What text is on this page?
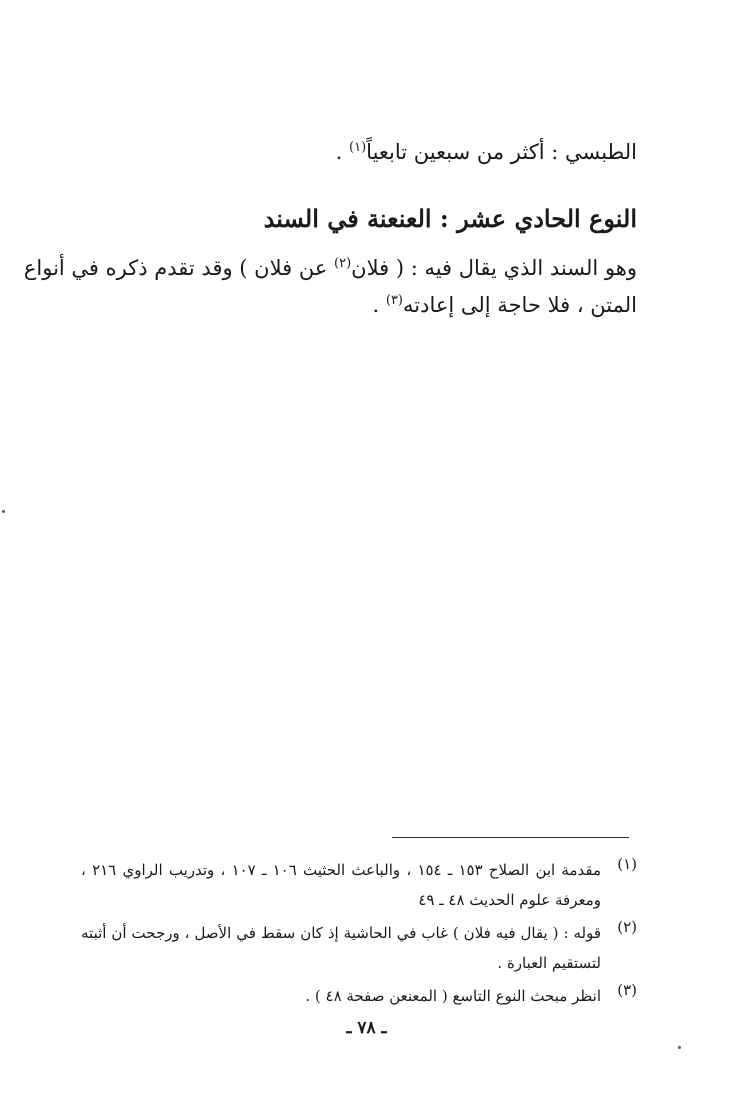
الطبسي : أكثر من سبعين تابعياً$^{(١)}$ .
النوع الحادي عشر : العنعنة في السند
وهو السند الذي يقال فيه : ( فلان$^{(٢)}$ عن فلان ) وقد تقدم ذكره في أنواع
المتن ، فلا حاجة إلى إعادته$^{(٣)}$ .
(١)
مقدمة ابن الصلاح ١٥٣ ـ ١٥٤ ، والباعث الحثيث ١٠٦ ـ ١٠٧ ، وتدريب الراوي ٢١٦ ، ومعرفة علوم الحديث ٤٨ ـ ٤٩
(٢)
قوله : ( يقال فيه فلان ) غاب في الحاشية إذ كان سقط في الأصل ، ورجحت أن أثبته لتستقيم العبارة .
(٣)
انظر مبحث النوع التاسع ( المعنعن صفحة ٤٨ ) .
ـ ٧٨ ـ
